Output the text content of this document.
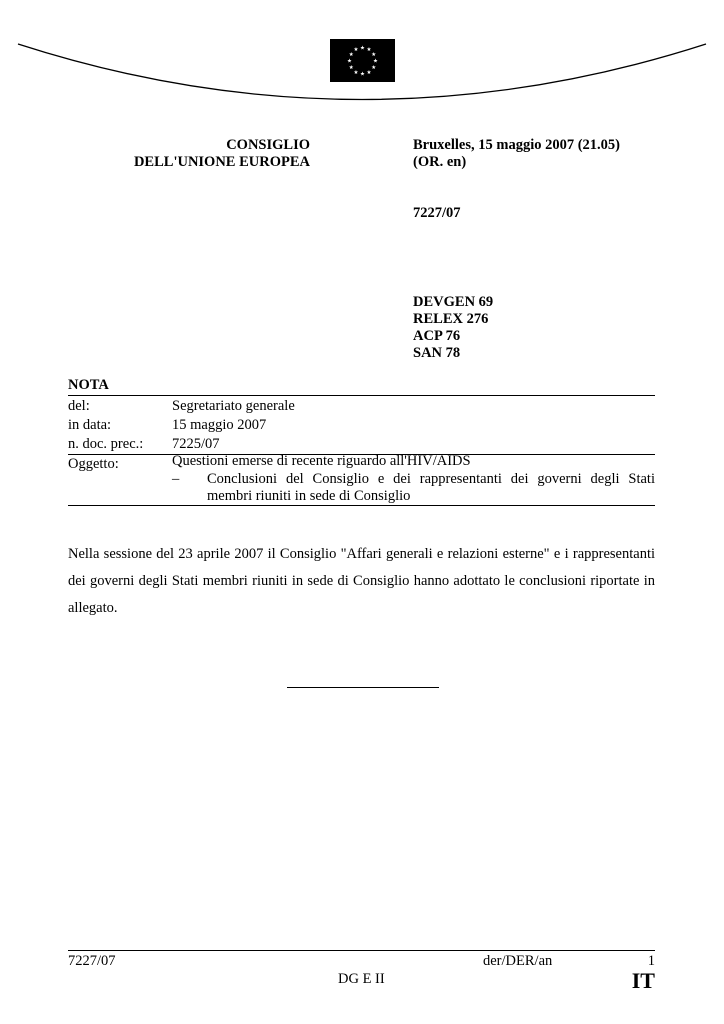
★ ★
★
★
★
★
★
★
★
★
★
★
CONSIGLIO
DELL'UNIONE EUROPEA
Bruxelles, 15 maggio 2007 (21.05)
(OR. en)
7227/07
DEVGEN 69
RELEX 276
ACP 76
SAN 78
NOTA
del:	Segretariato generale
in data:	15 maggio 2007
n. doc. prec.: 7225/07
Oggetto:	Questioni emerse di recente riguardo all'HIV/AIDS
– Conclusioni del Consiglio e dei rappresentanti dei governi degli Stati membri riuniti in sede di Consiglio
Nella sessione del 23 aprile 2007 il Consiglio "Affari generali e relazioni esterne" e i rappresentanti dei governi degli Stati membri riuniti in sede di Consiglio hanno adottato le conclusioni riportate in allegato.
7227/07	der/DER/an	1
DG E II	IT
